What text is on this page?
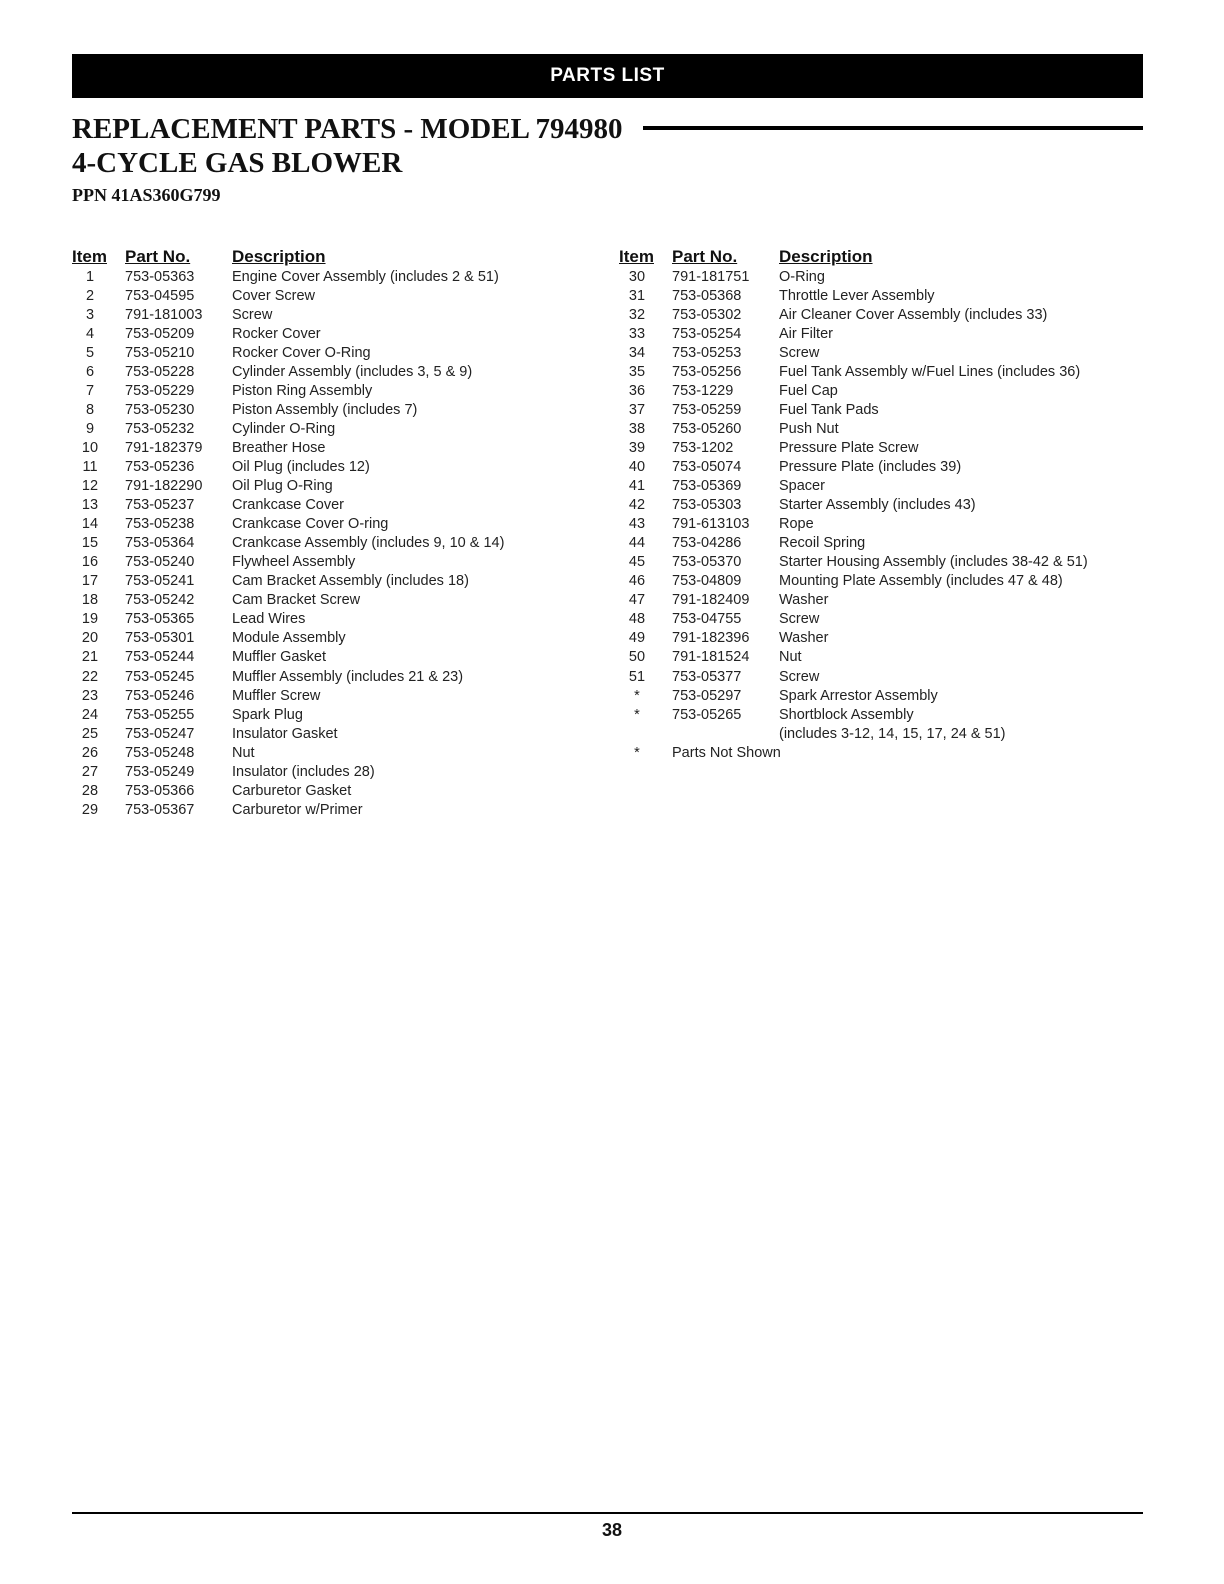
PARTS LIST
REPLACEMENT PARTS - MODEL 794980
4-CYCLE GAS BLOWER
PPN 41AS360G799
Item	Part No.	Description
1	753-05363	Engine Cover Assembly (includes 2 & 51)
2	753-04595	Cover Screw
3	791-181003	Screw
4	753-05209	Rocker Cover
5	753-05210	Rocker Cover O-Ring
6	753-05228	Cylinder Assembly (includes 3, 5 & 9)
7	753-05229	Piston Ring Assembly
8	753-05230	Piston Assembly (includes 7)
9	753-05232	Cylinder O-Ring
10	791-182379	Breather Hose
11	753-05236	Oil Plug (includes 12)
12	791-182290	Oil Plug O-Ring
13	753-05237	Crankcase Cover
14	753-05238	Crankcase Cover O-ring
15	753-05364	Crankcase Assembly (includes 9, 10 & 14)
16	753-05240	Flywheel Assembly
17	753-05241	Cam Bracket Assembly (includes 18)
18	753-05242	Cam Bracket Screw
19	753-05365	Lead Wires
20	753-05301	Module Assembly
21	753-05244	Muffler Gasket
22	753-05245	Muffler Assembly (includes 21 & 23)
23	753-05246	Muffler Screw
24	753-05255	Spark Plug
25	753-05247	Insulator Gasket
26	753-05248	Nut
27	753-05249	Insulator (includes 28)
28	753-05366	Carburetor Gasket
29	753-05367	Carburetor w/Primer
Item	Part No.	Description
30	791-181751	O-Ring
31	753-05368	Throttle Lever Assembly
32	753-05302	Air Cleaner Cover Assembly (includes 33)
33	753-05254	Air Filter
34	753-05253	Screw
35	753-05256	Fuel Tank Assembly w/Fuel Lines (includes 36)
36	753-1229	Fuel Cap
37	753-05259	Fuel Tank Pads
38	753-05260	Push Nut
39	753-1202	Pressure Plate Screw
40	753-05074	Pressure Plate (includes 39)
41	753-05369	Spacer
42	753-05303	Starter Assembly (includes 43)
43	791-613103	Rope
44	753-04286	Recoil Spring
45	753-05370	Starter Housing Assembly (includes 38-42 & 51)
46	753-04809	Mounting Plate Assembly (includes 47 & 48)
47	791-182409	Washer
48	753-04755	Screw
49	791-182396	Washer
50	791-181524	Nut
51	753-05377	Screw
*	753-05297	Spark Arrestor Assembly
*	753-05265	Shortblock Assembly
(includes 3-12, 14, 15, 17, 24 & 51)
*	Parts Not Shown
38
